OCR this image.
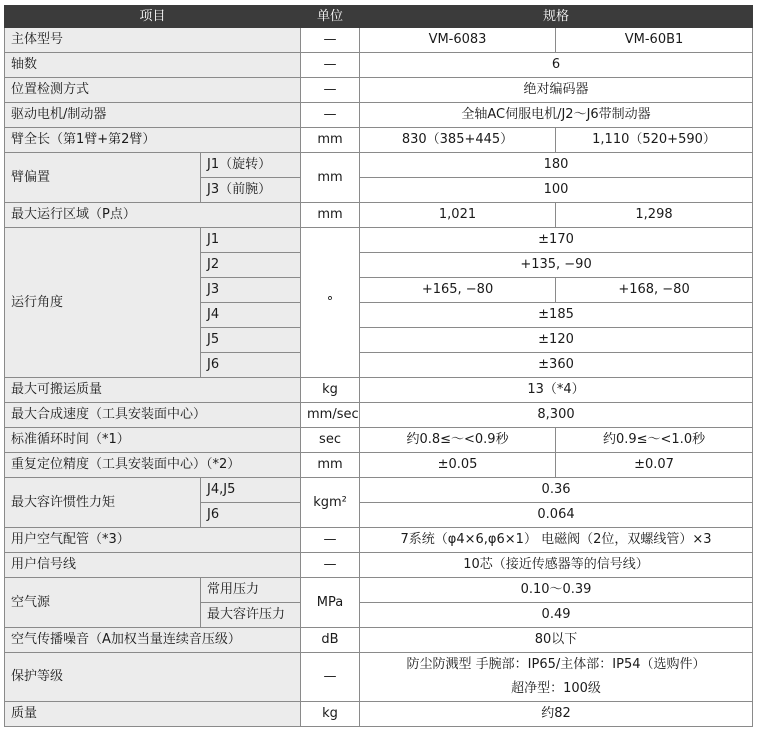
项目		单位	规格	
主体型号		—	VM-6083	VM-60B1
轴数		—	6	
位置检测方式		—	绝对编码器	
驱动电机/制动器		—	全轴AC伺服电机/J2～J6带制动器	
臂全长（第1臂+第2臂）		mm	830（385+445）	1,110（520+590）
臂偏置	J1（旋转）	mm	180	
	J3（前腕）		100	
最大运行区域（P点）		mm	1,021	1,298
运行角度	J1	°	±170	
	J2		+135, −90	
	J3		+165, −80	+168, −80
	J4		±185	
	J5		±120	
	J6		±360	
最大可搬运质量		kg	13（*4）	
最大合成速度（工具安装面中心）		mm/sec	8,300	
标准循环时间（*1）		sec	约0.8≤～<0.9秒	约0.9≤～<1.0秒
重复定位精度（工具安装面中心）（*2）		mm	±0.05	±0.07
最大容许惯性力矩	J4,J5	kgm²	0.36	
	J6		0.064	
用户空气配管（*3）		—	7系统（φ4×6,φ6×1） 电磁阀（2位，双螺线管）×3	
用户信号线		—	10芯（接近传感器等的信号线）	
空气源	常用压力	MPa	0.10～0.39	
	最大容许压力		0.49	
空气传播噪音（A加权当量连续音压级）		dB	80以下	
保护等级		—	防尘防溅型 手腕部：IP65/主体部：IP54（选购件）
超净型：100级	

质量		kg	约82	
